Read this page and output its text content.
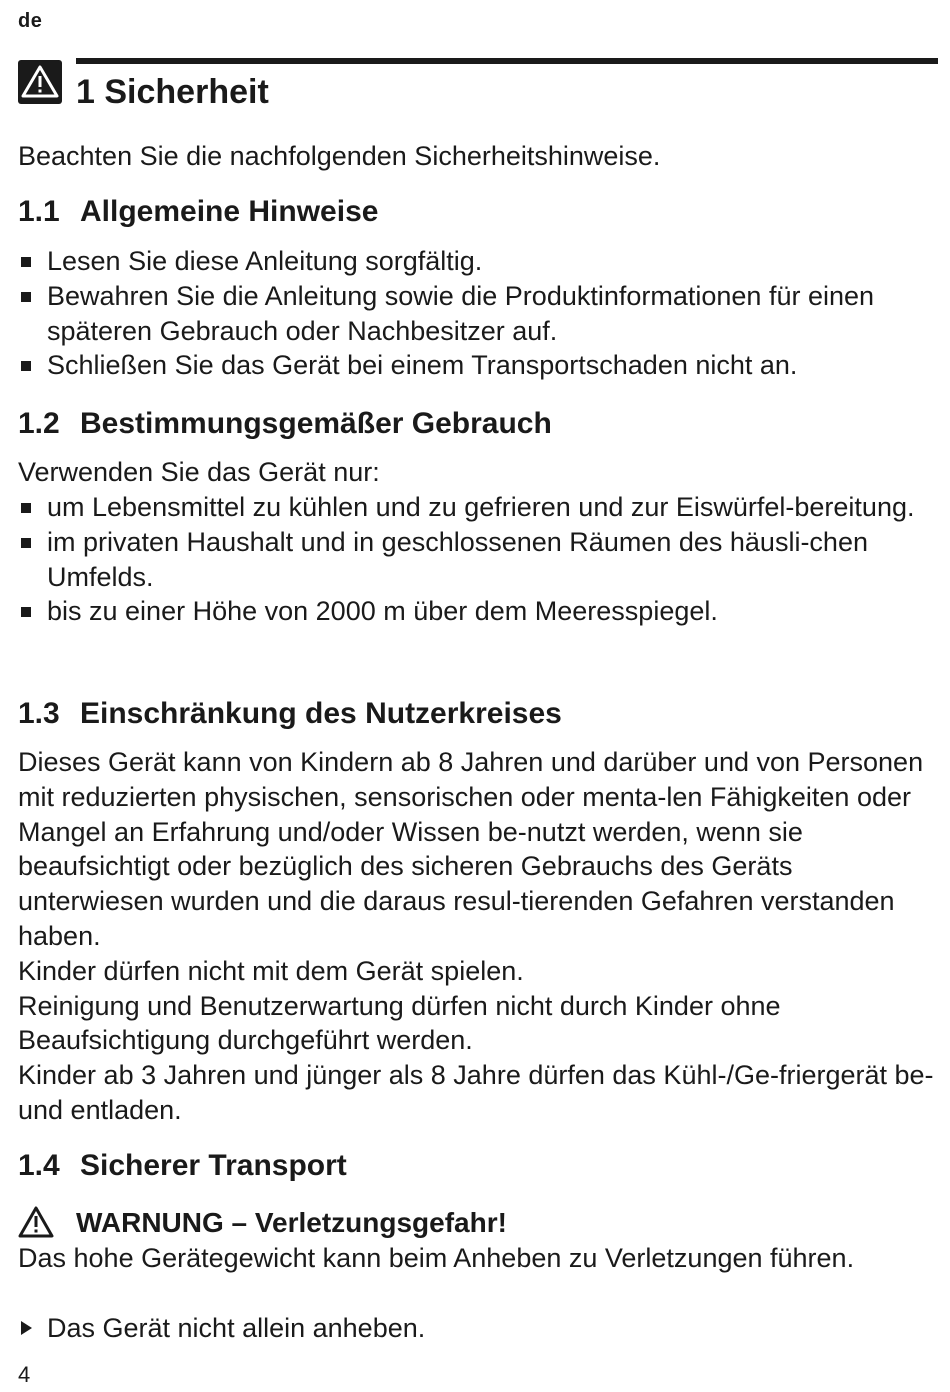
de
1 Sicherheit
Beachten Sie die nachfolgenden Sicherheitshinweise.
1.1 Allgemeine Hinweise
Lesen Sie diese Anleitung sorgfältig.
Bewahren Sie die Anleitung sowie die Produktinformationen für einen späteren Gebrauch oder Nachbesitzer auf.
Schließen Sie das Gerät bei einem Transportschaden nicht an.
1.2 Bestimmungsgemäßer Gebrauch
Verwenden Sie das Gerät nur:
um Lebensmittel zu kühlen und zu gefrieren und zur Eiswürfel-bereitung.
im privaten Haushalt und in geschlossenen Räumen des häusli-chen Umfelds.
bis zu einer Höhe von 2000 m über dem Meeresspiegel.
1.3 Einschränkung des Nutzerkreises

Dieses Gerät kann von Kindern ab 8 Jahren und darüber und von Personen mit reduzierten physischen, sensorischen oder menta-len Fähigkeiten oder Mangel an Erfahrung und/oder Wissen be-nutzt werden, wenn sie beaufsichtigt oder bezüglich des sicheren Gebrauchs des Geräts unterwiesen wurden und die daraus resul-tierenden Gefahren verstanden haben.

Kinder dürfen nicht mit dem Gerät spielen.

Reinigung und Benutzerwartung dürfen nicht durch Kinder ohne Beaufsichtigung durchgeführt werden.

Kinder ab 3 Jahren und jünger als 8 Jahre dürfen das Kühl-/Ge-friergerät be- und entladen.

1.4 Sicherer Transport
WARNUNG – Verletzungsgefahr!
Das hohe Gerätegewicht kann beim Anheben zu Verletzungen führen.
Das Gerät nicht allein anheben.
4
